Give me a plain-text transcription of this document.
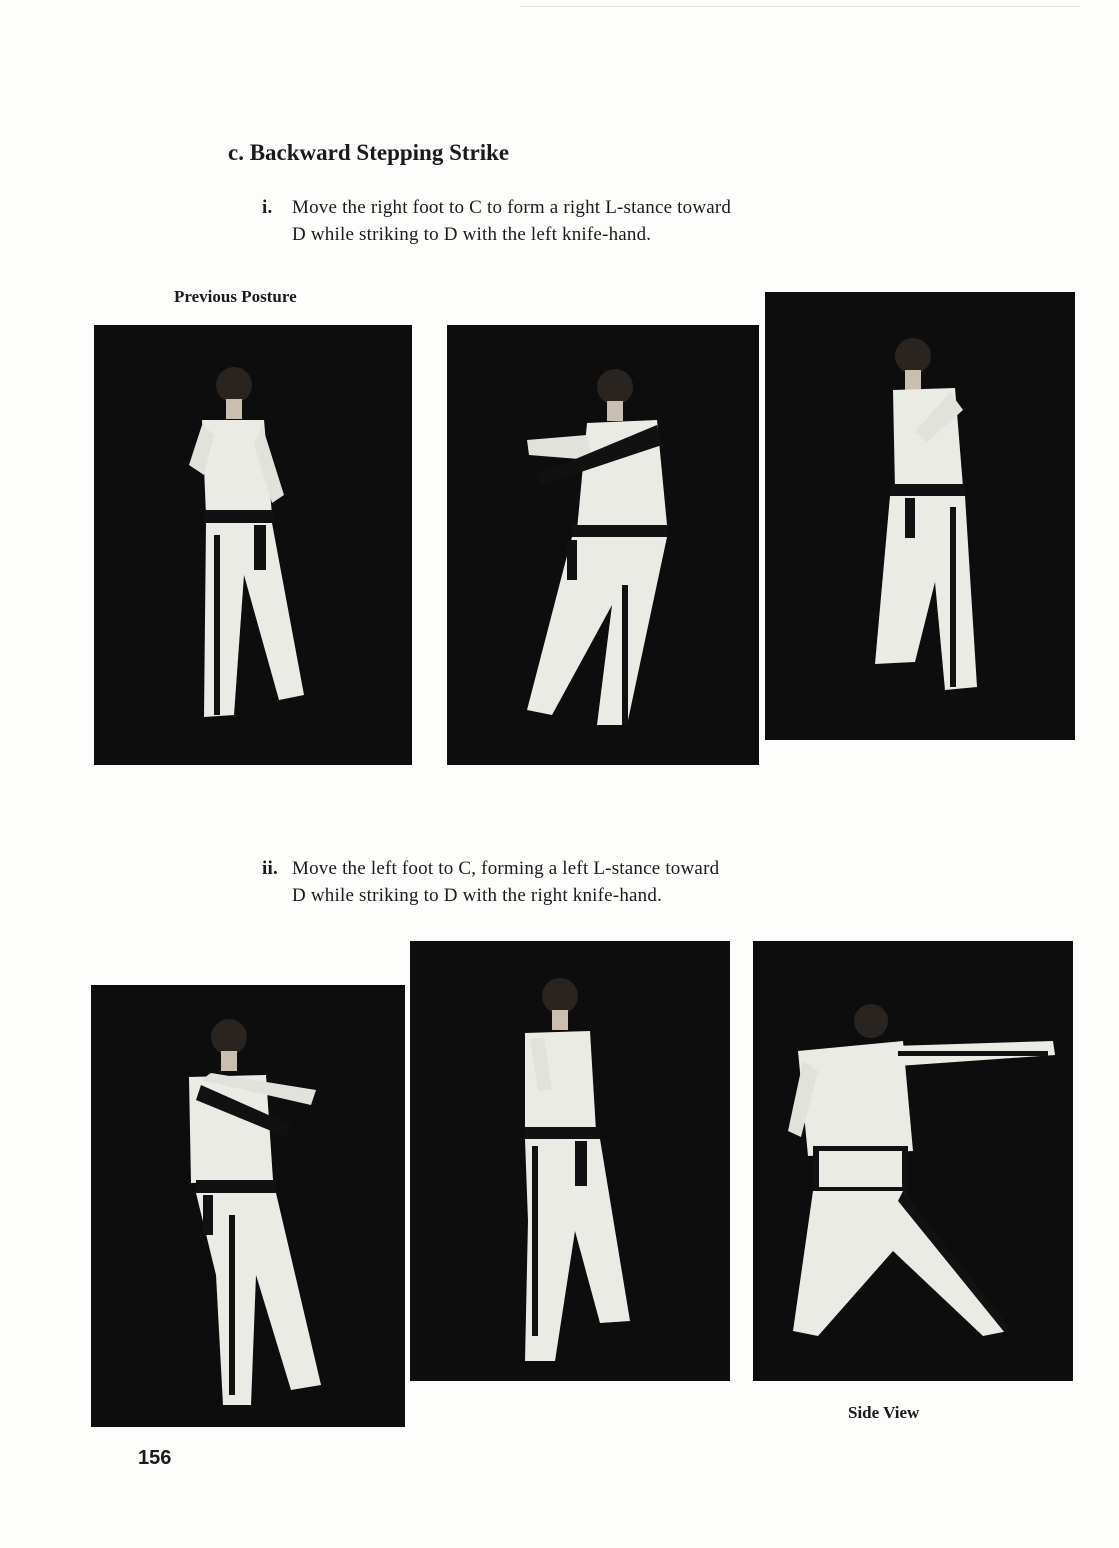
c. Backward Stepping Strike
i. Move the right foot to C to form a right L-stance toward
D while striking to D with the left knife-hand.
Previous Posture
ii. Move the left foot to C, forming a left L-stance toward
D while striking to D with the right knife-hand.
Side View
156
